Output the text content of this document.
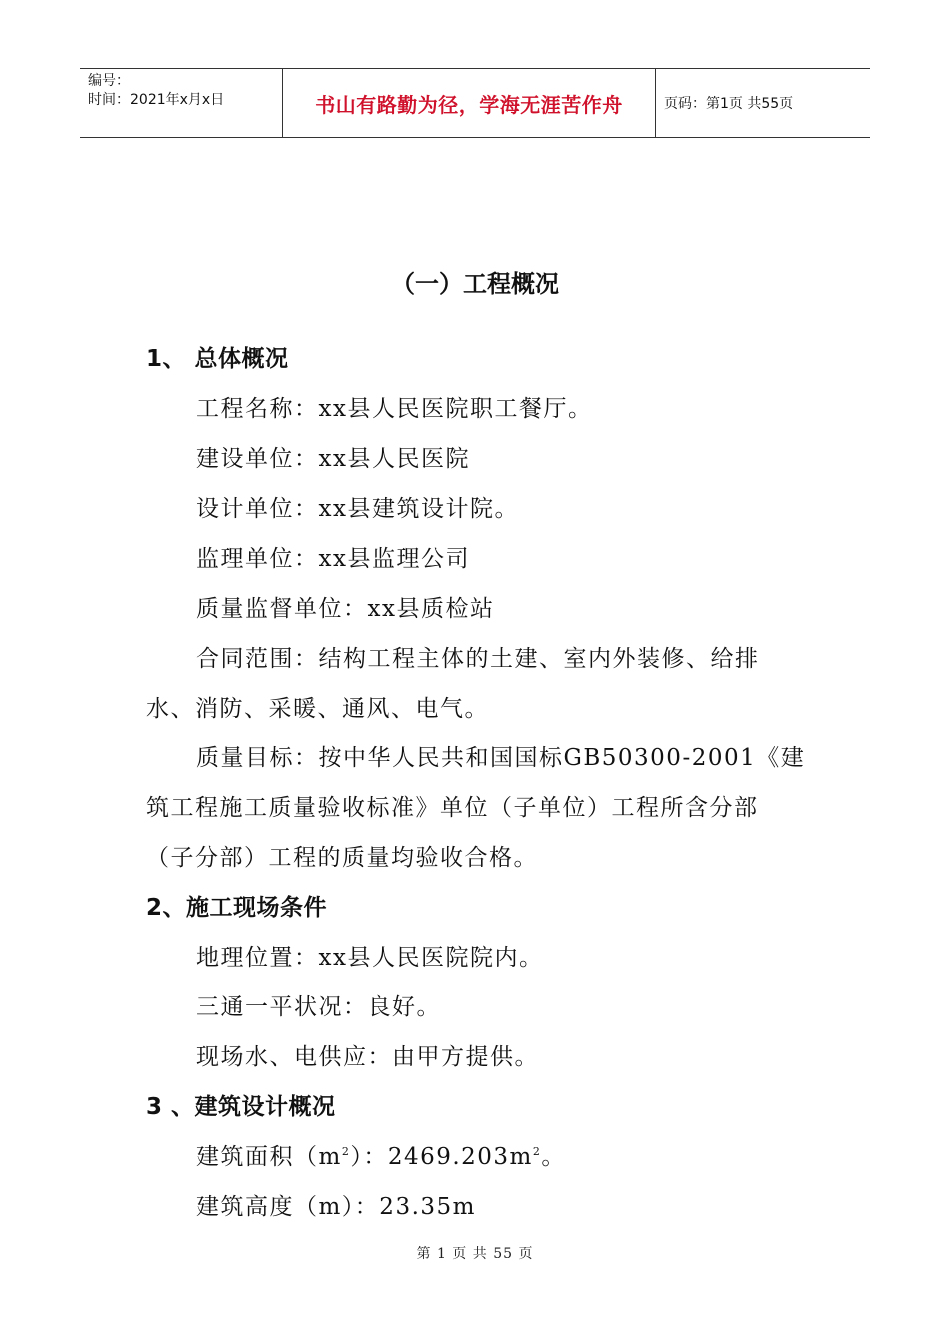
编号：
时间：2021年x月x日	书山有路勤为径，学海无涯苦作舟	页码：第1页 共55页
（一）工程概况
1、 总体概况
工程名称：xx县人民医院职工餐厅。
建设单位：xx县人民医院
设计单位：xx县建筑设计院。
监理单位：xx县监理公司
质量监督单位：xx县质检站
合同范围：结构工程主体的土建、室内外装修、给排
水、消防、采暖、通风、电气。
质量目标：按中华人民共和国国标GB50300-2001《建
筑工程施工质量验收标准》单位（子单位）工程所含分部
（子分部）工程的质量均验收合格。
2、施工现场条件
地理位置：xx县人民医院院内。
三通一平状况：良好。
现场水、电供应：由甲方提供。
3 、建筑设计概况
建筑面积$(m^2)$：$2469.203m^2$。
建筑高度（m）：23.35m
第 1 页 共 55 页
